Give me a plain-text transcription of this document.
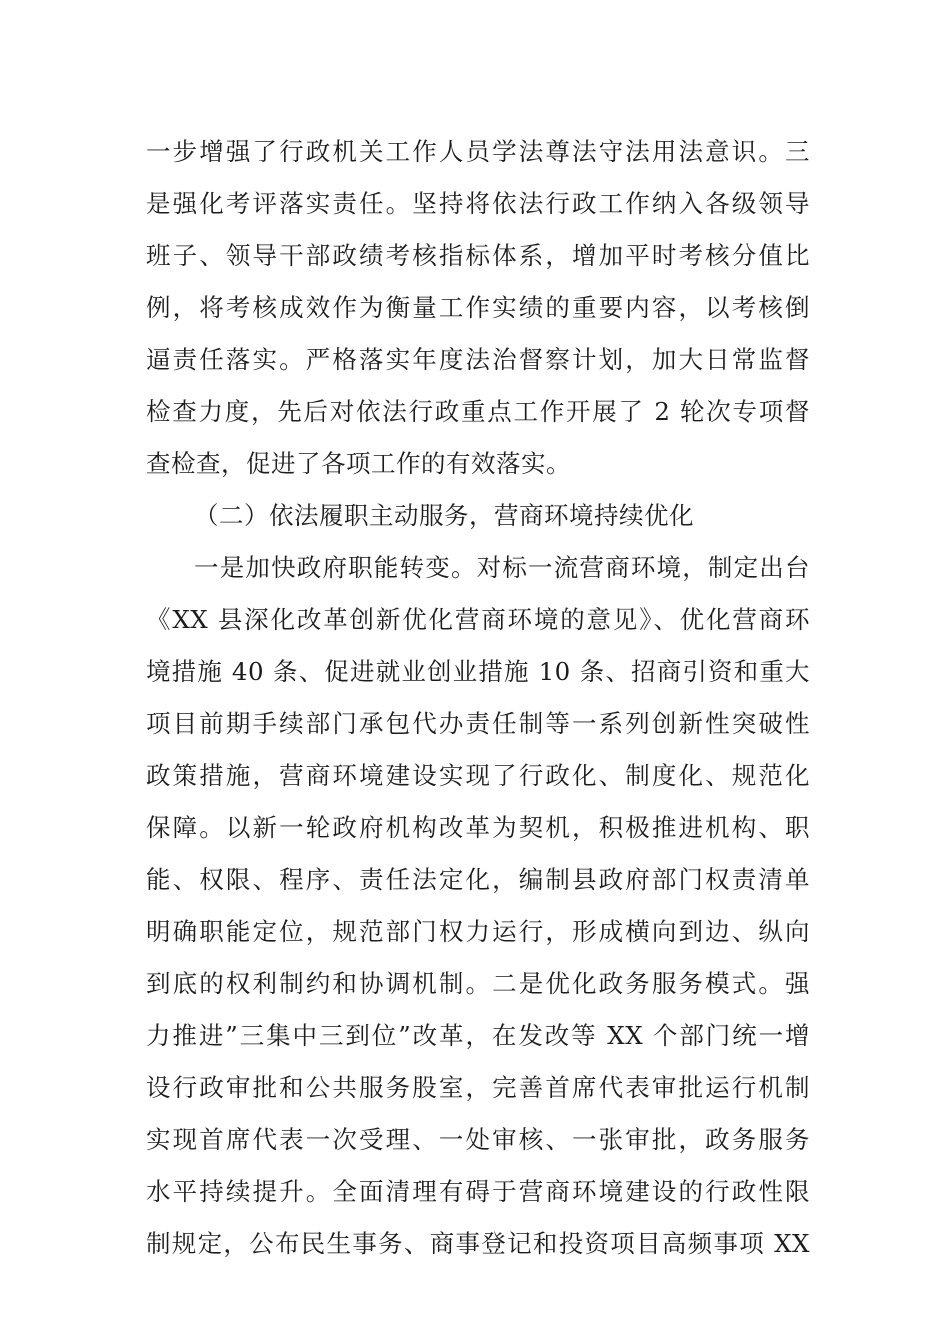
一步增强了行政机关工作人员学法尊法守法用法意识。三
是强化考评落实责任。坚持将依法行政工作纳入各级领导
班子、领导干部政绩考核指标体系，增加平时考核分值比
例，将考核成效作为衡量工作实绩的重要内容，以考核倒
逼责任落实。严格落实年度法治督察计划，加大日常监督
检查力度，先后对依法行政重点工作开展了 2 轮次专项督
查检查，促进了各项工作的有效落实。
（二）依法履职主动服务，营商环境持续优化
一是加快政府职能转变。对标一流营商环境，制定出台
《XX 县深化改革创新优化营商环境的意见》、优化营商环
境措施 40 条、促进就业创业措施 10 条、招商引资和重大
项目前期手续部门承包代办责任制等一系列创新性突破性
政策措施，营商环境建设实现了行政化、制度化、规范化
保障。以新一轮政府机构改革为契机，积极推进机构、职
能、权限、程序、责任法定化，编制县政府部门权责清单
明确职能定位，规范部门权力运行，形成横向到边、纵向
到底的权利制约和协调机制。二是优化政务服务模式。强
力推进”三集中三到位”改革，在发改等 XX 个部门统一增
设行政审批和公共服务股室，完善首席代表审批运行机制
实现首席代表一次受理、一处审核、一张审批，政务服务
水平持续提升。全面清理有碍于营商环境建设的行政性限
制规定，公布民生事务、商事登记和投资项目高频事项 XX
